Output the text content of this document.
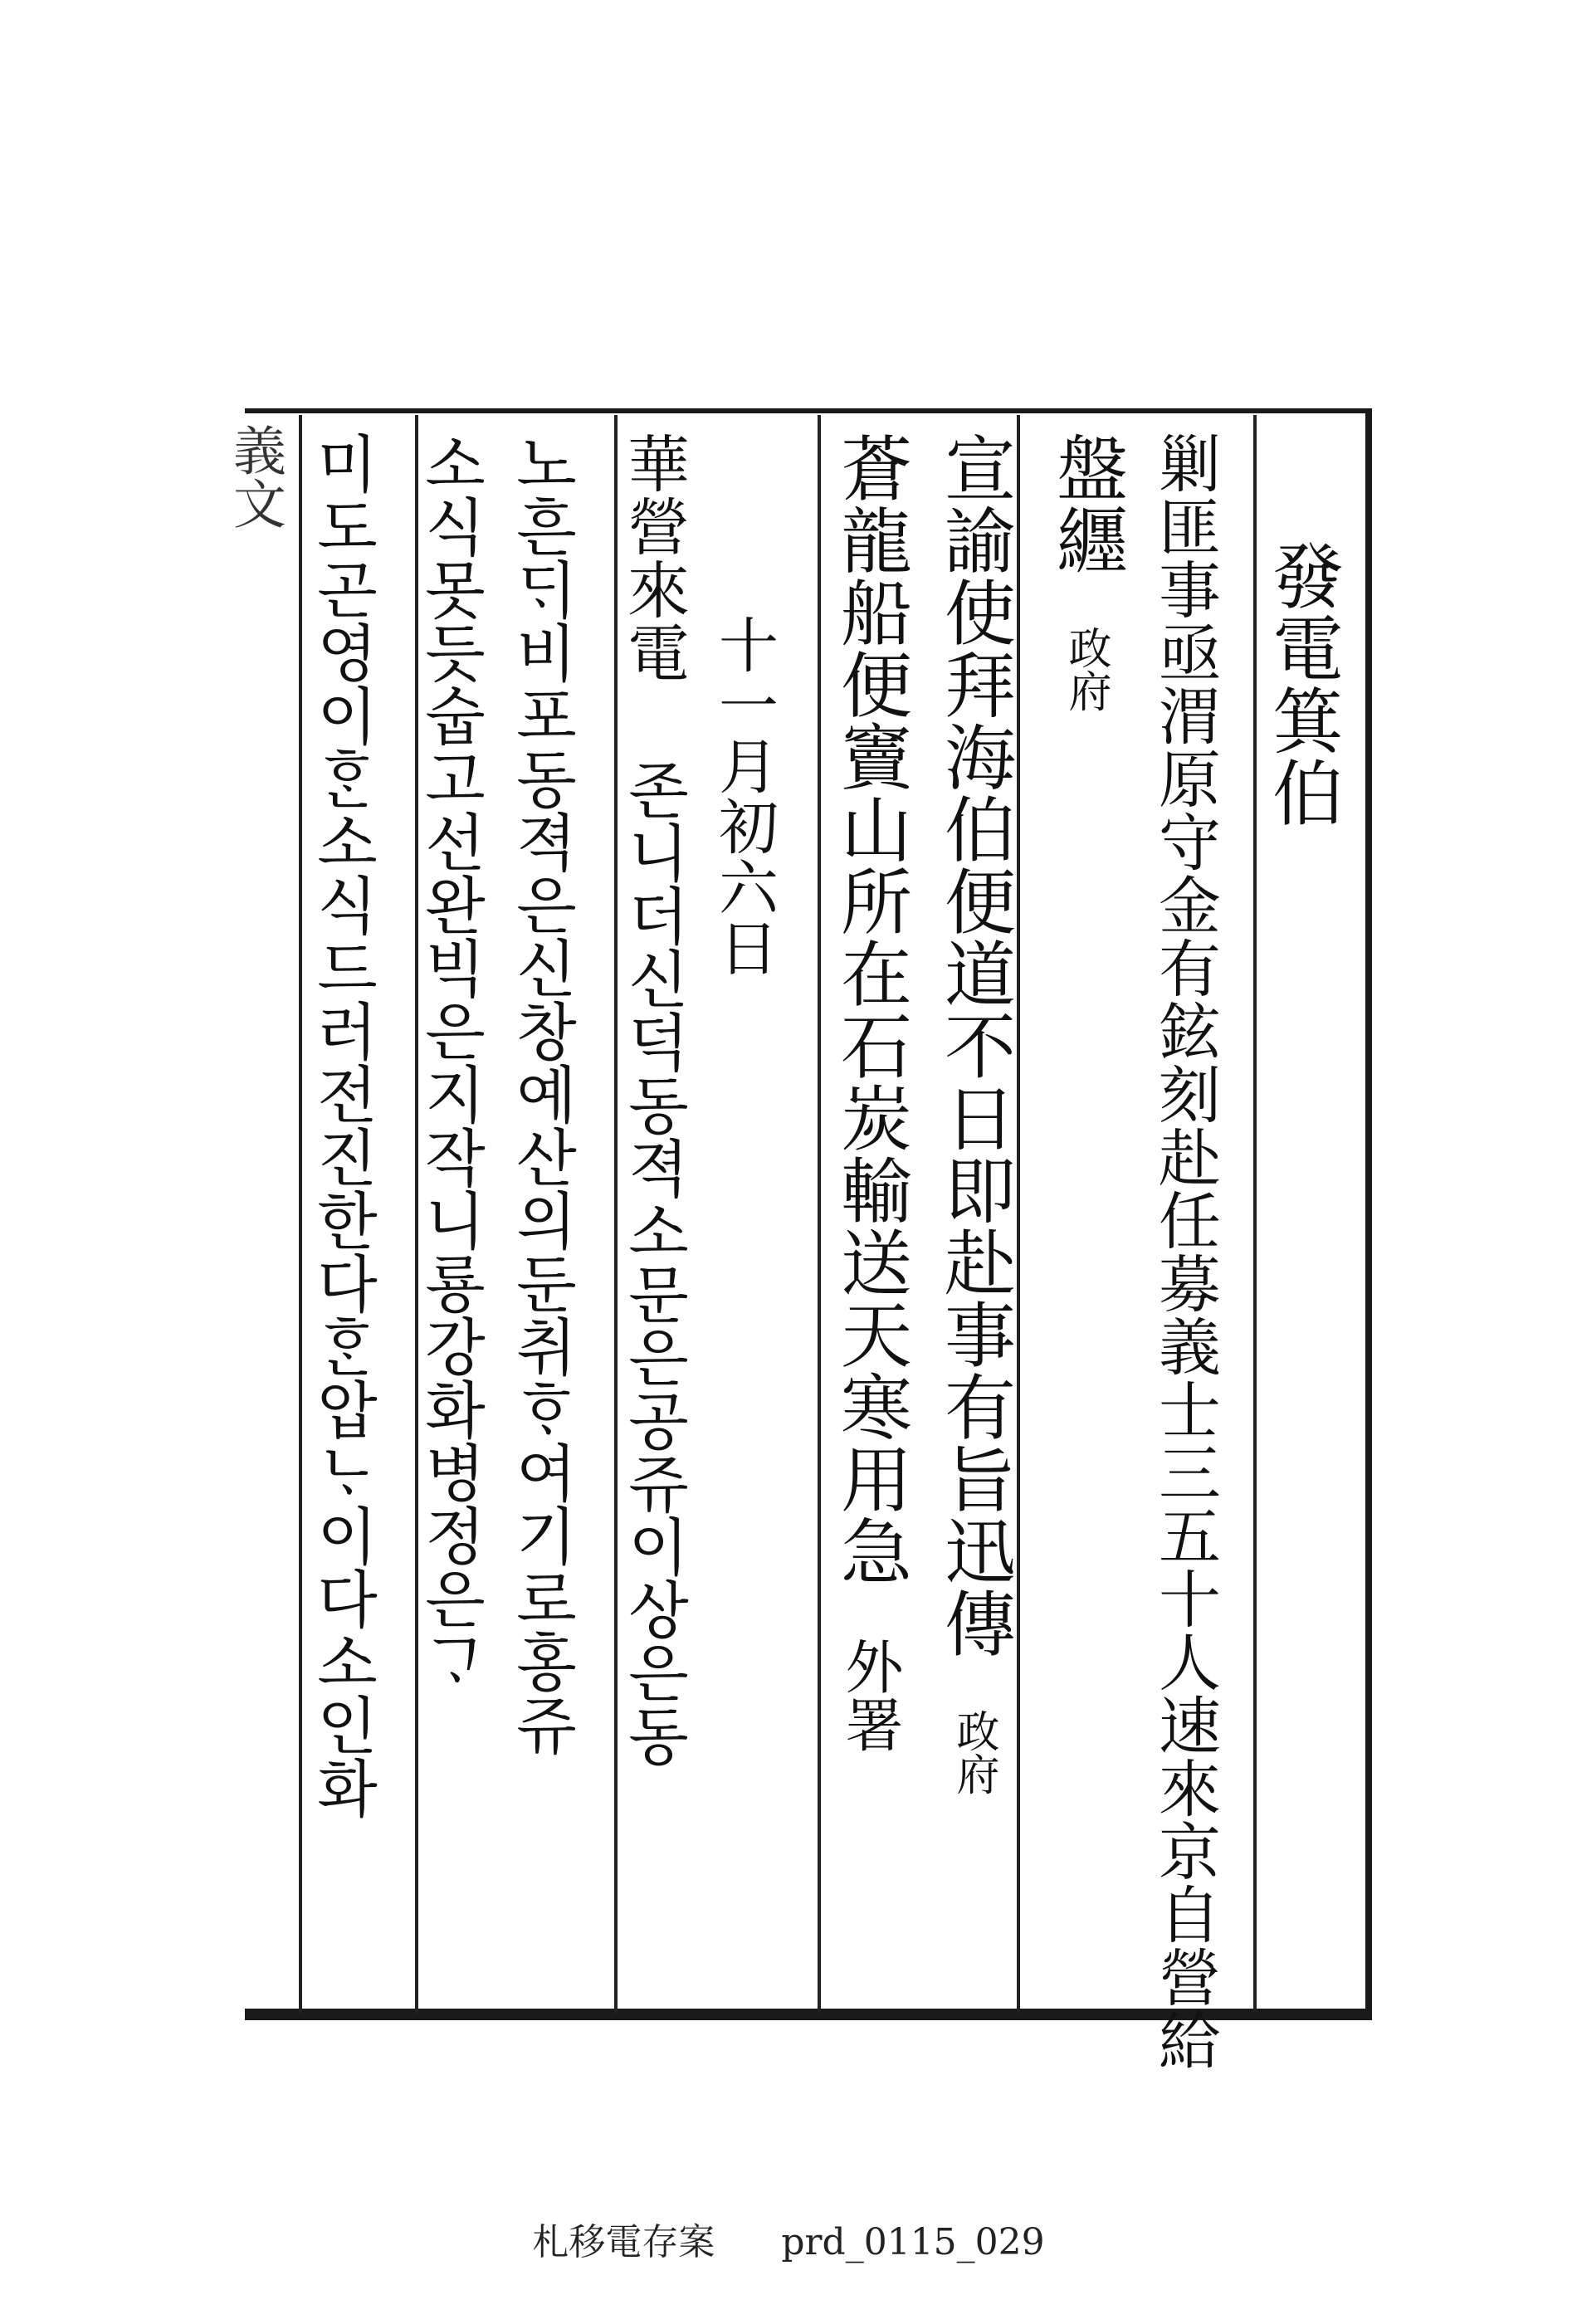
義文
發電箕伯
剿匪事亟渭原守金有鉉刻赴任募義士三五十人速來京自營給
盤纒政府
宣諭使拜海伯便道不日即赴事有旨迅傳政府
蒼龍船便竇山所在石炭輸送天寒用急外署
十一月初六日
華營來電 존니더신덕동젹소문은공쥬이상은동
노흔ᄃᆡ비포동젹은신창예산의둔취ᄒᆞ여기로홍쥬
소식못듯숩고선완빅은지작니룡강화병정은ᄀᆞ
미도곤영이ᄒᆞᆫ소식드러전진한다ᄒᆞᆫ압ᄂᆞ이다소인화
札移電存案 prd_0115_029
